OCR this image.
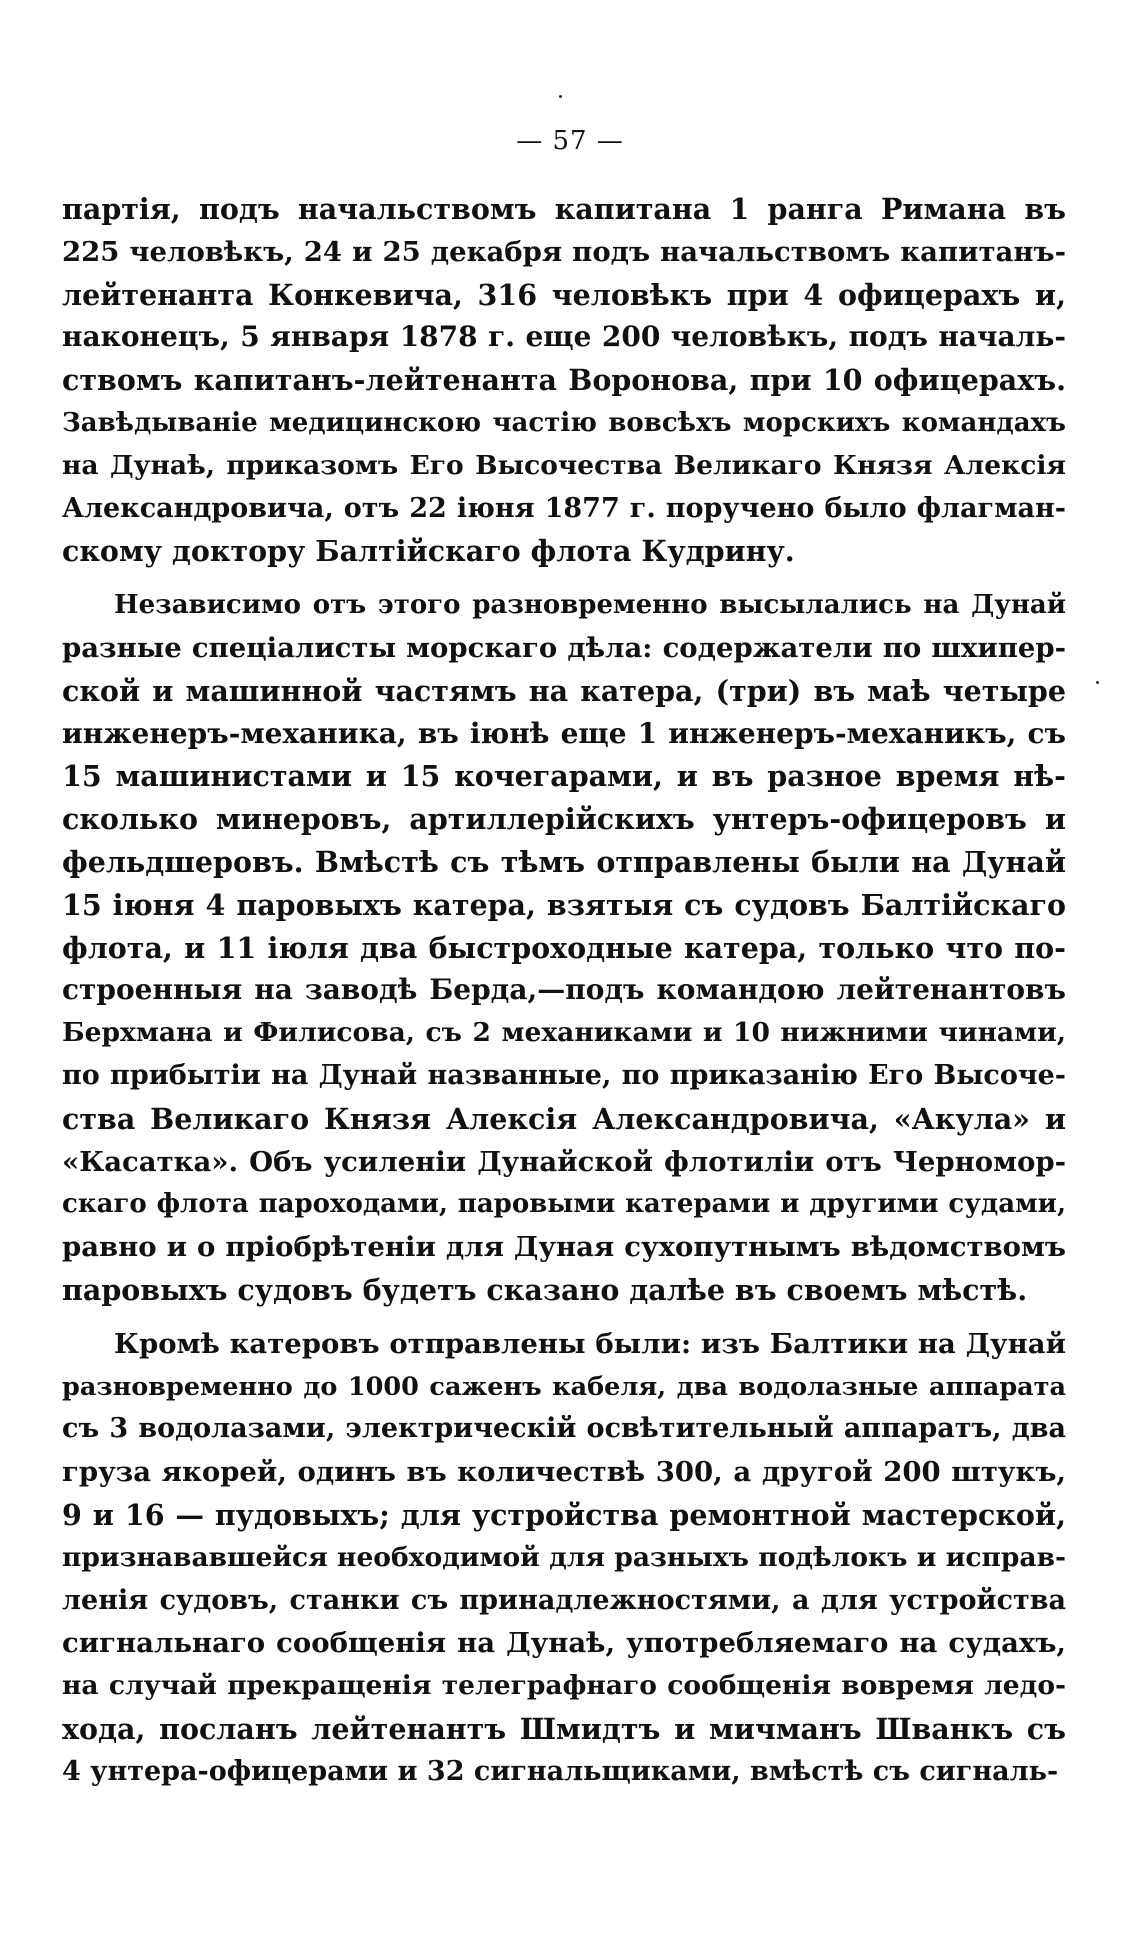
— 57 —
партія, подъ начальствомъ капитана 1 ранга Римана въ
225 человѣкъ, 24 и 25 декабря подъ начальствомъ капитанъ-
лейтенанта Конкевича, 316 человѣкъ при 4 офицерахъ и,
наконецъ, 5 января 1878 г. еще 200 человѣкъ, подъ началь-
ствомъ капитанъ-лейтенанта Воронова, при 10 офицерахъ.
Завѣдываніе медицинскою частію вовсѣхъ морскихъ командахъ
на Дунаѣ, приказомъ Его Высочества Великаго Князя Алексія
Александровича, отъ 22 іюня 1877 г. поручено было флагман-
скому доктору Балтійскаго флота Кудрину.
Независимо отъ этого разновременно высылались на Дунай
разные спеціалисты морскаго дѣла: содержатели по шхипер-
ской и машинной частямъ на катера, (три) въ маѣ четыре
инженеръ-механика, въ іюнѣ еще 1 инженеръ-механикъ, съ
15 машинистами и 15 кочегарами, и въ разное время нѣ-
сколько минеровъ, артиллерійскихъ унтеръ-офицеровъ и
фельдшеровъ. Вмѣстѣ съ тѣмъ отправлены были на Дунай
15 іюня 4 паровыхъ катера, взятыя съ судовъ Балтійскаго
флота, и 11 іюля два быстроходные катера, только что по-
строенныя на заводѣ Берда,—подъ командою лейтенантовъ
Берхмана и Филисова, съ 2 механиками и 10 нижними чинами,
по прибытіи на Дунай названные, по приказанію Его Высоче-
ства Великаго Князя Алексія Александровича, «Акула» и
«Касатка». Объ усиленіи Дунайской флотиліи отъ Черномор-
скаго флота пароходами, паровыми катерами и другими судами,
равно и о пріобрѣтеніи для Дуная сухопутнымъ вѣдомствомъ
паровыхъ судовъ будетъ сказано далѣе въ своемъ мѣстѣ.
Кромѣ катеровъ отправлены были: изъ Балтики на Дунай
разновременно до 1000 саженъ кабеля, два водолазные аппарата
съ 3 водолазами, электрическій освѣтительный аппаратъ, два
груза якорей, одинъ въ количествѣ 300, а другой 200 штукъ,
9 и 16 — пудовыхъ; для устройства ремонтной мастерской,
признававшейся необходимой для разныхъ подѣлокъ и исправ-
ленія судовъ, станки съ принадлежностями, а для устройства
сигнальнаго сообщенія на Дунаѣ, употребляемаго на судахъ,
на случай прекращенія телеграфнаго сообщенія вовремя ледо-
хода, посланъ лейтенантъ Шмидтъ и мичманъ Шванкъ съ
4 унтера-офицерами и 32 сигнальщиками, вмѣстѣ съ сигналь-
